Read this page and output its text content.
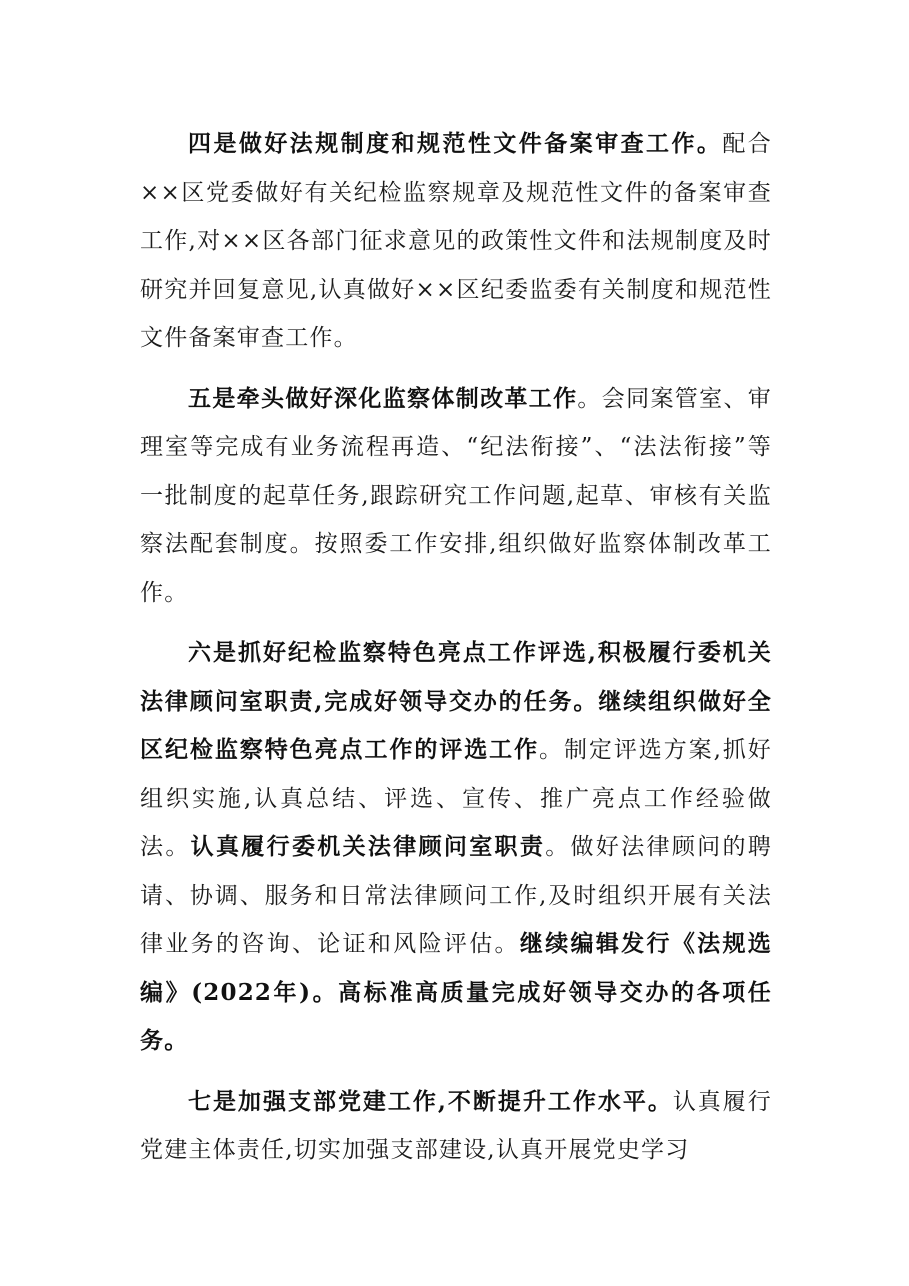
四是做好法规制度和规范性文件备案审查工作。配合××区党委做好有关纪检监察规章及规范性文件的备案审查工作,对××区各部门征求意见的政策性文件和法规制度及时研究并回复意见,认真做好××区纪委监委有关制度和规范性文件备案审查工作。

五是牵头做好深化监察体制改革工作。会同案管室、审理室等完成有业务流程再造、“纪法衔接”、“法法衔接”等一批制度的起草任务,跟踪研究工作问题,起草、审核有关监察法配套制度。按照委工作安排,组织做好监察体制改革工作。

六是抓好纪检监察特色亮点工作评选,积极履行委机关法律顾问室职责,完成好领导交办的任务。继续组织做好全区纪检监察特色亮点工作的评选工作。制定评选方案,抓好组织实施,认真总结、评选、宣传、推广亮点工作经验做法。认真履行委机关法律顾问室职责。做好法律顾问的聘请、协调、服务和日常法律顾问工作,及时组织开展有关法律业务的咨询、论证和风险评估。继续编辑发行《法规选编》(2022年)。高标准高质量完成好领导交办的各项任务。

七是加强支部党建工作,不断提升工作水平。认真履行党建主体责任,切实加强支部建设,认真开展党史学习
